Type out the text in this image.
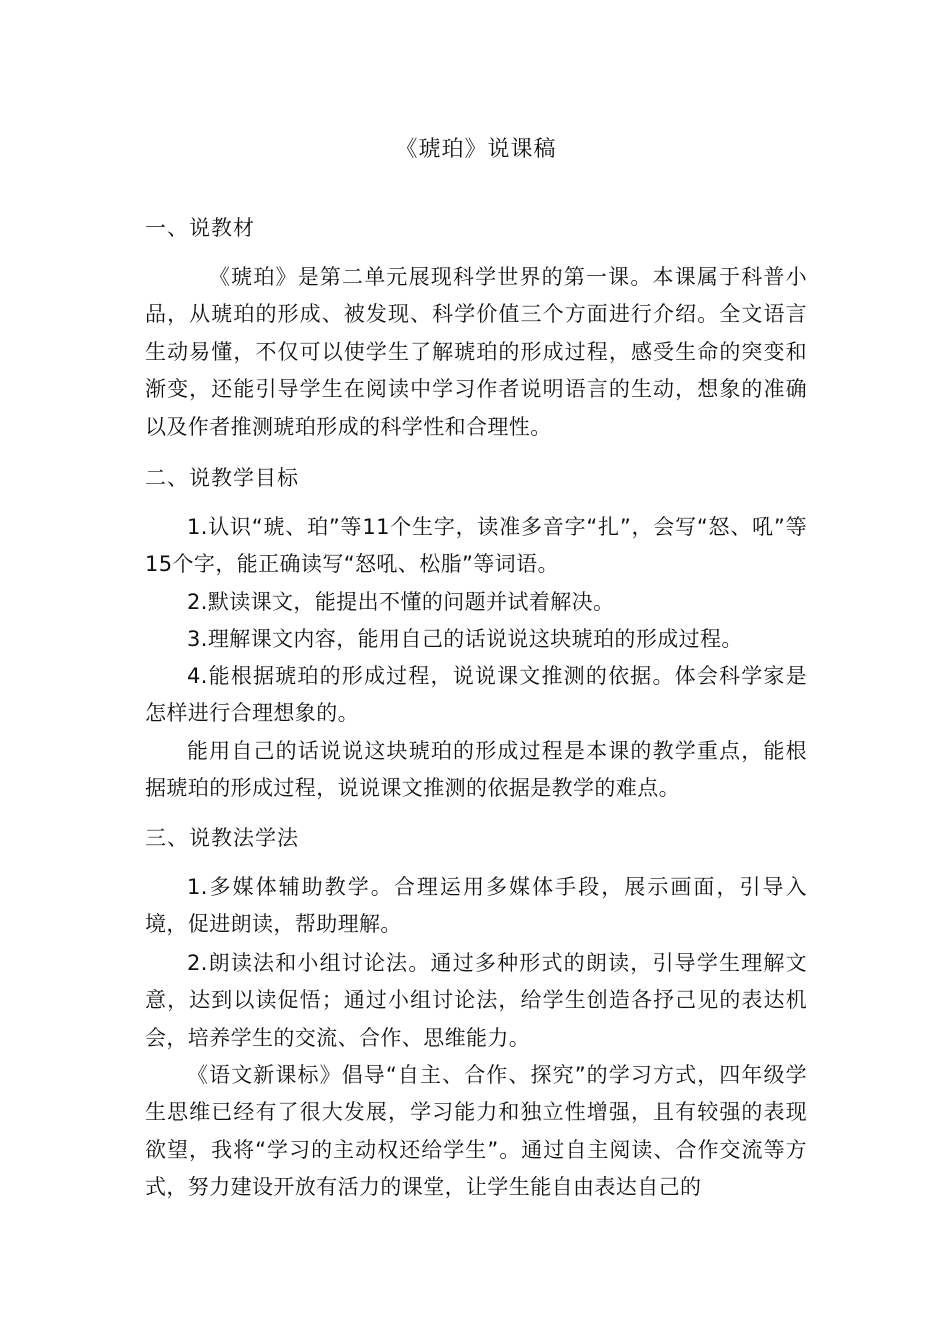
《琥珀》说课稿
一、说教材
《琥珀》是第二单元展现科学世界的第一课。本课属于科普小品，从琥珀的形成、被发现、科学价值三个方面进行介绍。全文语言生动易懂，不仅可以使学生了解琥珀的形成过程，感受生命的突变和渐变，还能引导学生在阅读中学习作者说明语言的生动，想象的准确以及作者推测琥珀形成的科学性和合理性。
二、说教学目标
1.认识“琥、珀”等11个生字，读准多音字“扎”，会写“怒、吼”等15个字，能正确读写“怒吼、松脂”等词语。
2.默读课文，能提出不懂的问题并试着解决。
3.理解课文内容，能用自己的话说说这块琥珀的形成过程。
4.能根据琥珀的形成过程，说说课文推测的依据。体会科学家是怎样进行合理想象的。
能用自己的话说说这块琥珀的形成过程是本课的教学重点，能根据琥珀的形成过程，说说课文推测的依据是教学的难点。
三、说教法学法
1.多媒体辅助教学。合理运用多媒体手段，展示画面，引导入境，促进朗读，帮助理解。
2.朗读法和小组讨论法。通过多种形式的朗读，引导学生理解文意，达到以读促悟；通过小组讨论法，给学生创造各抒己见的表达机会，培养学生的交流、合作、思维能力。
《语文新课标》倡导“自主、合作、探究”的学习方式，四年级学生思维已经有了很大发展，学习能力和独立性增强，且有较强的表现欲望，我将“学习的主动权还给学生”。通过自主阅读、合作交流等方式，努力建设开放有活力的课堂，让学生能自由表达自己的
